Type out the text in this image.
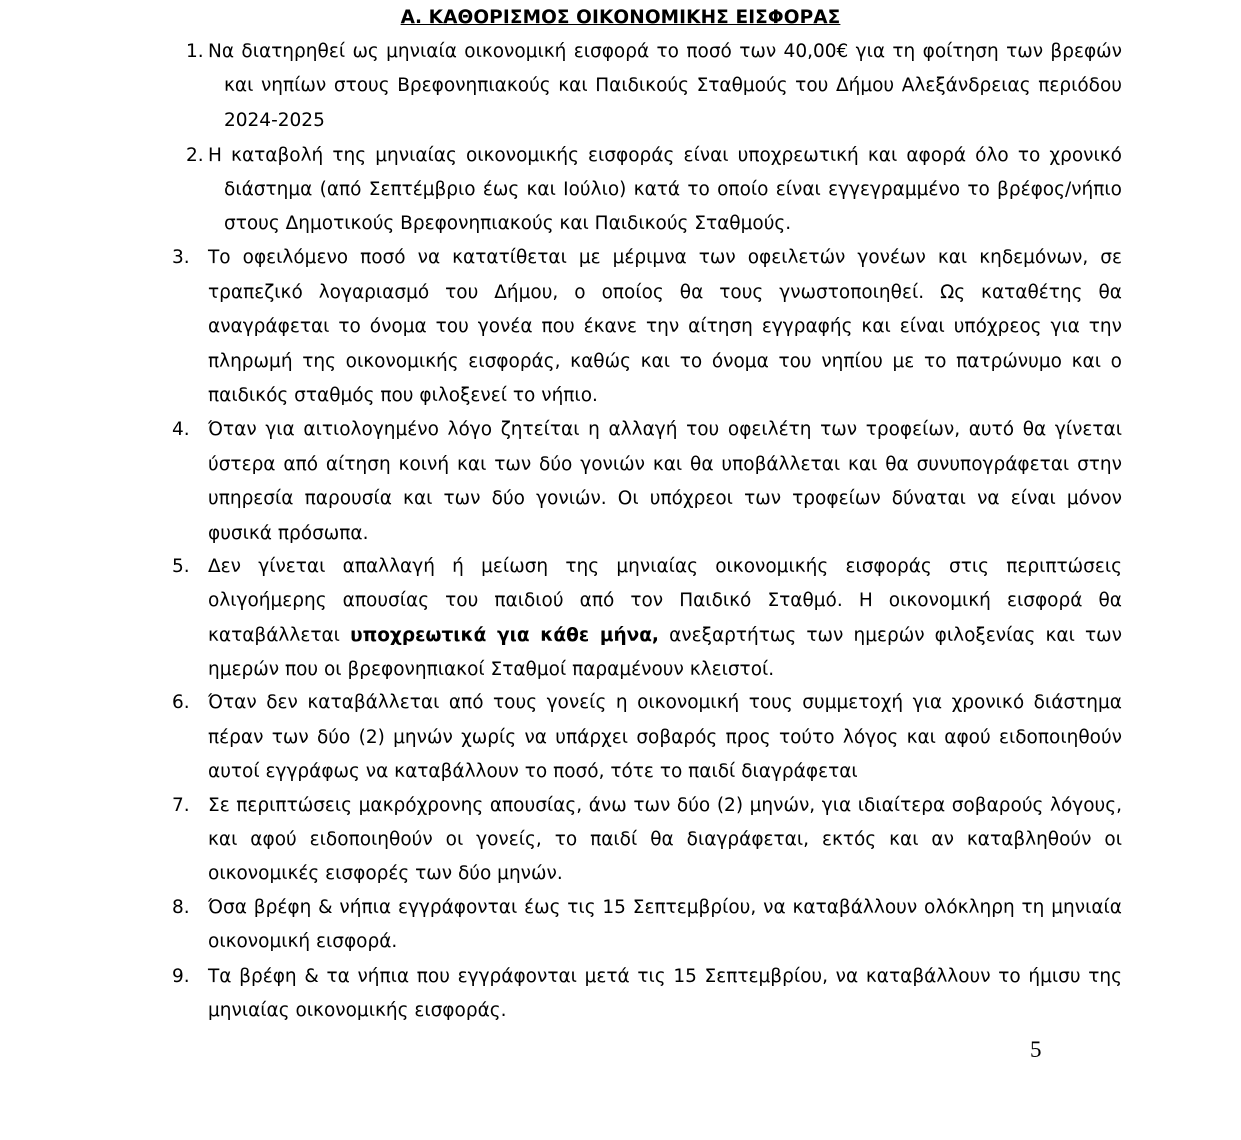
Α. ΚΑΘΟΡΙΣΜΟΣ ΟΙΚΟΝΟΜΙΚΗΣ ΕΙΣΦΟΡΑΣ
1. Να διατηρηθεί ως μηνιαία οικονομική εισφορά το ποσό των 40,00€ για τη φοίτηση των βρεφών
και νηπίων στους Βρεφονηπιακούς και Παιδικούς Σταθμούς του Δήμου Αλεξάνδρειας περιόδου
2024-2025
2. Η καταβολή της μηνιαίας οικονομικής εισφοράς είναι υποχρεωτική και αφορά όλο το χρονικό
διάστημα (από Σεπτέμβριο έως και Ιούλιο) κατά το οποίο είναι εγγεγραμμένο το βρέφος/νήπιο
στους Δημοτικούς Βρεφονηπιακούς και Παιδικούς Σταθμούς.
3. Το οφειλόμενο ποσό να κατατίθεται με μέριμνα των οφειλετών γονέων και κηδεμόνων, σε
τραπεζικό λογαριασμό του Δήμου, ο οποίος θα τους γνωστοποιηθεί. Ως καταθέτης θα
αναγράφεται το όνομα του γονέα που έκανε την αίτηση εγγραφής και είναι υπόχρεος για την
πληρωμή της οικονομικής εισφοράς, καθώς και το όνομα του νηπίου με το πατρώνυμο και ο
παιδικός σταθμός που φιλοξενεί το νήπιο.
4. Όταν για αιτιολογημένο λόγο ζητείται η αλλαγή του οφειλέτη των τροφείων, αυτό θα γίνεται
ύστερα από αίτηση κοινή και των δύο γονιών και θα υποβάλλεται και θα συνυπογράφεται στην
υπηρεσία παρουσία και των δύο γονιών. Οι υπόχρεοι των τροφείων δύναται να είναι μόνον
φυσικά πρόσωπα.
5. Δεν γίνεται απαλλαγή ή μείωση της μηνιαίας οικονομικής εισφοράς στις περιπτώσεις
ολιγοήμερης απουσίας του παιδιού από τον Παιδικό Σταθμό. Η οικονομική εισφορά θα
καταβάλλεται υποχρεωτικά για κάθε μήνα, ανεξαρτήτως των ημερών φιλοξενίας και των
ημερών που οι βρεφονηπιακοί Σταθμοί παραμένουν κλειστοί.
6. Όταν δεν καταβάλλεται από τους γονείς η οικονομική τους συμμετοχή για χρονικό διάστημα
πέραν των δύο (2) μηνών χωρίς να υπάρχει σοβαρός προς τούτο λόγος και αφού ειδοποιηθούν
αυτοί εγγράφως να καταβάλλουν το ποσό, τότε το παιδί διαγράφεται
7. Σε περιπτώσεις μακρόχρονης απουσίας, άνω των δύο (2) μηνών, για ιδιαίτερα σοβαρούς λόγους,
και αφού ειδοποιηθούν οι γονείς, το παιδί θα διαγράφεται, εκτός και αν καταβληθούν οι
οικονομικές εισφορές των δύο μηνών.
8. Όσα βρέφη & νήπια εγγράφονται έως τις 15 Σεπτεμβρίου, να καταβάλλουν ολόκληρη τη μηνιαία
οικονομική εισφορά.
9. Τα βρέφη & τα νήπια που εγγράφονται μετά τις 15 Σεπτεμβρίου, να καταβάλλουν το ήμισυ της
μηνιαίας οικονομικής εισφοράς.
5
